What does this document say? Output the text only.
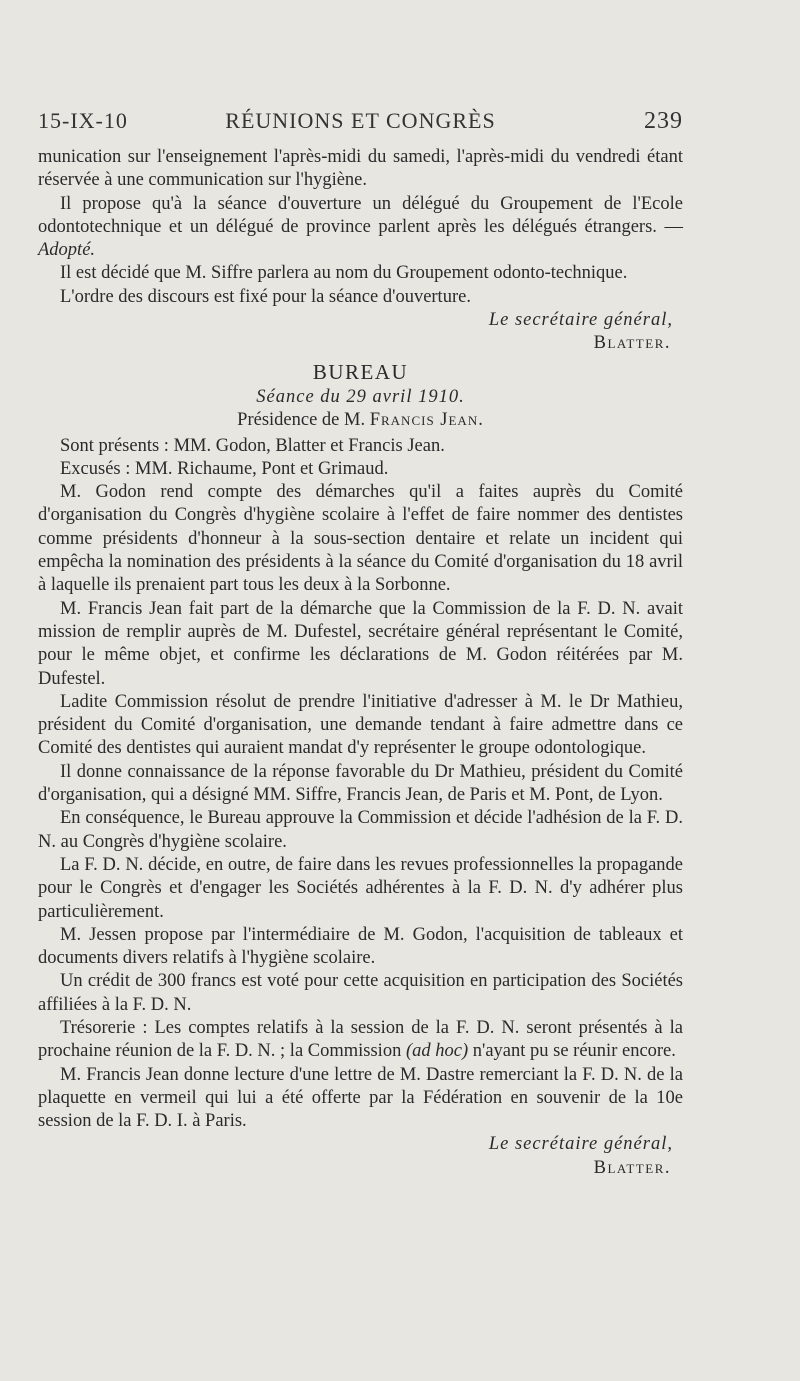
15-IX-10	RÉUNIONS ET CONGRÈS	239

munication sur l'enseignement l'après-midi du samedi, l'après-midi du vendredi étant réservée à une communication sur l'hygiène.

Il propose qu'à la séance d'ouverture un délégué du Groupement de l'Ecole odontotechnique et un délégué de province parlent après les délégués étrangers. — Adopté.

Il est décidé que M. Siffre parlera au nom du Groupement odonto-technique.

L'ordre des discours est fixé pour la séance d'ouverture.

Le secrétaire général,

Blatter.

BUREAU

Séance du 29 avril 1910.

Présidence de M. Francis Jean.

Sont présents : MM. Godon, Blatter et Francis Jean.

Excusés : MM. Richaume, Pont et Grimaud.

M. Godon rend compte des démarches qu'il a faites auprès du Comité d'organisation du Congrès d'hygiène scolaire à l'effet de faire nommer des dentistes comme présidents d'honneur à la sous-section dentaire et relate un incident qui empêcha la nomination des présidents à la séance du Comité d'organisation du 18 avril à laquelle ils prenaient part tous les deux à la Sorbonne.

M. Francis Jean fait part de la démarche que la Commission de la F. D. N. avait mission de remplir auprès de M. Dufestel, secrétaire général représentant le Comité, pour le même objet, et confirme les déclarations de M. Godon réitérées par M. Dufestel.

Ladite Commission résolut de prendre l'initiative d'adresser à M. le Dr Mathieu, président du Comité d'organisation, une demande tendant à faire admettre dans ce Comité des dentistes qui auraient mandat d'y représenter le groupe odontologique.

Il donne connaissance de la réponse favorable du Dr Mathieu, président du Comité d'organisation, qui a désigné MM. Siffre, Francis Jean, de Paris et M. Pont, de Lyon.

En conséquence, le Bureau approuve la Commission et décide l'adhésion de la F. D. N. au Congrès d'hygiène scolaire.

La F. D. N. décide, en outre, de faire dans les revues professionnelles la propagande pour le Congrès et d'engager les Sociétés adhérentes à la F. D. N. d'y adhérer plus particulièrement.

M. Jessen propose par l'intermédiaire de M. Godon, l'acquisition de tableaux et documents divers relatifs à l'hygiène scolaire.

Un crédit de 300 francs est voté pour cette acquisition en participation des Sociétés affiliées à la F. D. N.

Trésorerie : Les comptes relatifs à la session de la F. D. N. seront présentés à la prochaine réunion de la F. D. N. ; la Commission (ad hoc) n'ayant pu se réunir encore.

M. Francis Jean donne lecture d'une lettre de M. Dastre remerciant la F. D. N. de la plaquette en vermeil qui lui a été offerte par la Fédération en souvenir de la 10e session de la F. D. I. à Paris.

Le secrétaire général,

Blatter.
